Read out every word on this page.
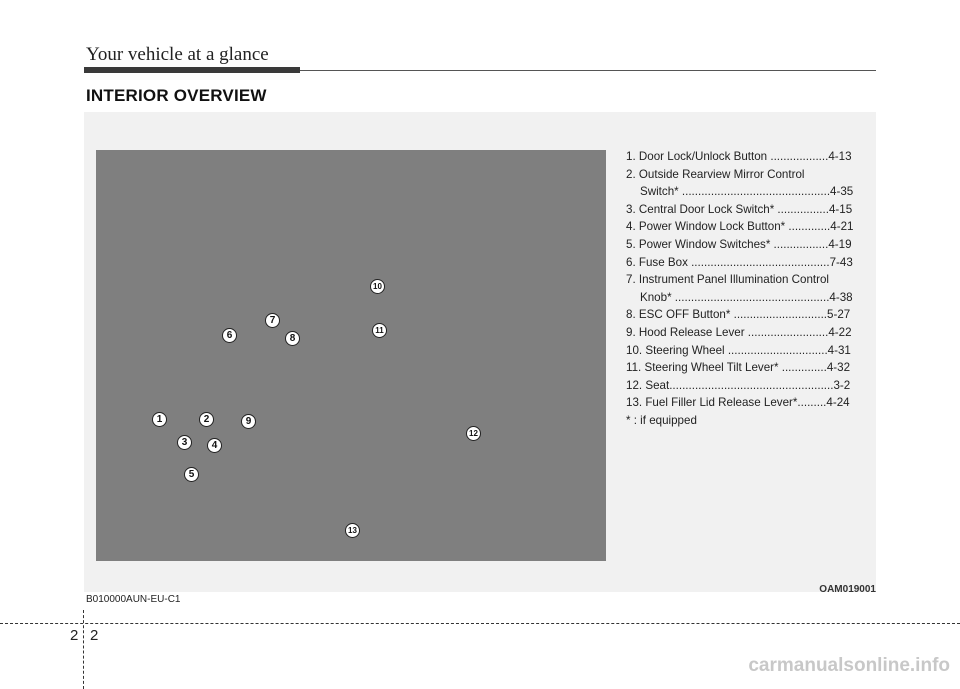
Your vehicle at a glance
INTERIOR OVERVIEW
1	2
3	4
5
6
7
8
9
10
11
12
13
1. Door Lock/Unlock Button ..................4-13
2. Outside Rearview Mirror Control
Switch* ..............................................4-35
3. Central Door Lock Switch* ................4-15
4. Power Window Lock Button* .............4-21
5. Power Window Switches* .................4-19
6. Fuse Box ...........................................7-43
7. Instrument Panel Illumination Control
Knob* ................................................4-38
8. ESC OFF Button* .............................5-27
9. Hood Release Lever .........................4-22
10. Steering Wheel ...............................4-31
11. Steering Wheel Tilt Lever* ..............4-32
12. Seat...................................................3-2
13. Fuel Filler Lid Release Lever*.........4-24
* : if equipped
OAM019001
B010000AUN-EU-C1
2 2
carmanualsonline.info
